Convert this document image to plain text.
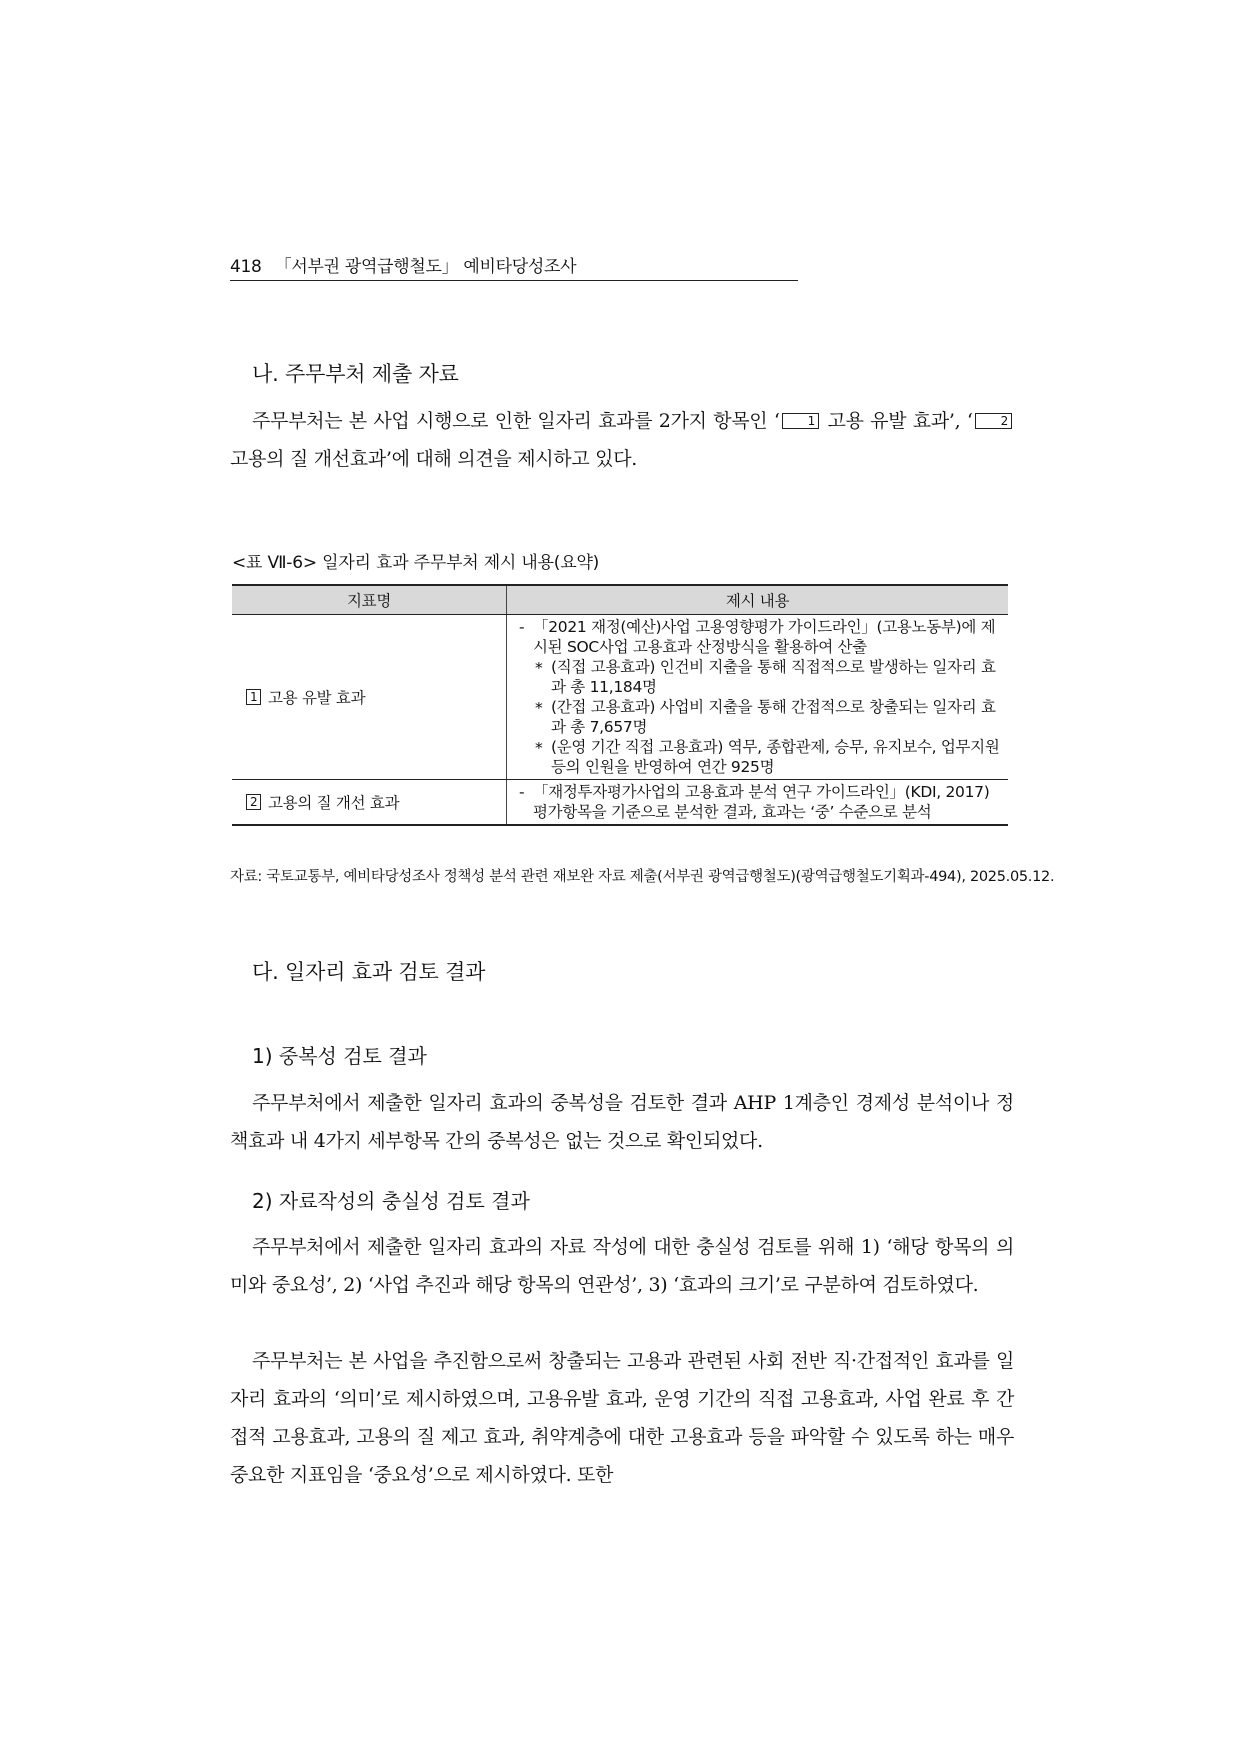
418 「서부권 광역급행철도」 예비타당성조사
나. 주무부처 제출 자료

주무부처는 본 사업 시행으로 인한 일자리 효과를 2가지 항목인 ‘ 1 고용 유발 효과’, ‘ 2 고용의 질 개선효과’에 대해 의견을 제시하고 있다.

<표 Ⅶ-6> 일자리 효과 주무부처 제시 내용(요약)
지표명	제시 내용
1 고용 유발 효과	- 「2021 재정(예산)사업 고용영향평가 가이드라인」(고용노동부)에 제시된 SOC사업 고용효과 산정방식을 활용하여 산출
* (직접 고용효과) 인건비 지출을 통해 직접적으로 발생하는 일자리 효과 총 11,184명
* (간접 고용효과) 사업비 지출을 통해 간접적으로 창출되는 일자리 효과 총 7,657명
* (운영 기간 직접 고용효과) 역무, 종합관제, 승무, 유지보수, 업무지원 등의 인원을 반영하여 연간 925명

2 고용의 질 개선 효과	- 「재정투자평가사업의 고용효과 분석 연구 가이드라인」(KDI, 2017) 평가항목을 기준으로 분석한 결과, 효과는 ‘중’ 수준으로 분석
자료: 국토교통부, 예비타당성조사 정책성 분석 관련 재보완 자료 제출(서부권 광역급행철도)(광역급행철도기획과-494), 2025.05.12.
다. 일자리 효과 검토 결과
1) 중복성 검토 결과

주무부처에서 제출한 일자리 효과의 중복성을 검토한 결과 AHP 1계층인 경제성 분석이나 정책효과 내 4가지 세부항목 간의 중복성은 없는 것으로 확인되었다.

2) 자료작성의 충실성 검토 결과

주무부처에서 제출한 일자리 효과의 자료 작성에 대한 충실성 검토를 위해 1) ‘해당 항목의 의미와 중요성’, 2) ‘사업 추진과 해당 항목의 연관성’, 3) ‘효과의 크기’로 구분하여 검토하였다.

주무부처는 본 사업을 추진함으로써 창출되는 고용과 관련된 사회 전반 직·간접적인 효과를 일자리 효과의 ‘의미’로 제시하였으며, 고용유발 효과, 운영 기간의 직접 고용효과, 사업 완료 후 간접적 고용효과, 고용의 질 제고 효과, 취약계층에 대한 고용효과 등을 파악할 수 있도록 하는 매우 중요한 지표임을 ‘중요성’으로 제시하였다. 또한
